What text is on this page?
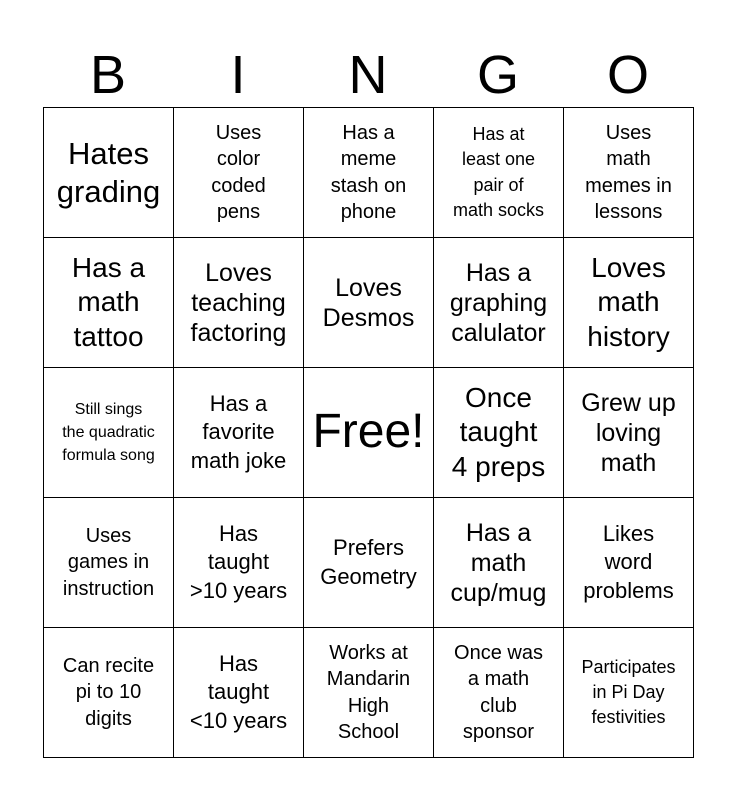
B	I	N	G	O
Hates
grading	Uses
color
coded
pens	Has a
meme
stash on
phone	Has at
least one
pair of
math socks	Uses
math
memes in
lessons

Has a
math
tattoo	Loves
teaching
factoring	Loves
Desmos	Has a
graphing
calulator	Loves
math
history

Still sings
the quadratic
formula song	Has a
favorite
math joke	Free!	Once
taught
4 preps	Grew up
loving
math

Uses
games in
instruction	Has
taught
>10 years	Prefers
Geometry	Has a
math
cup/mug	Likes
word
problems

Can recite
pi to 10
digits	Has
taught
<10 years	Works at
Mandarin
High
School	Once was
a math
club
sponsor	Participates
in Pi Day
festivities
